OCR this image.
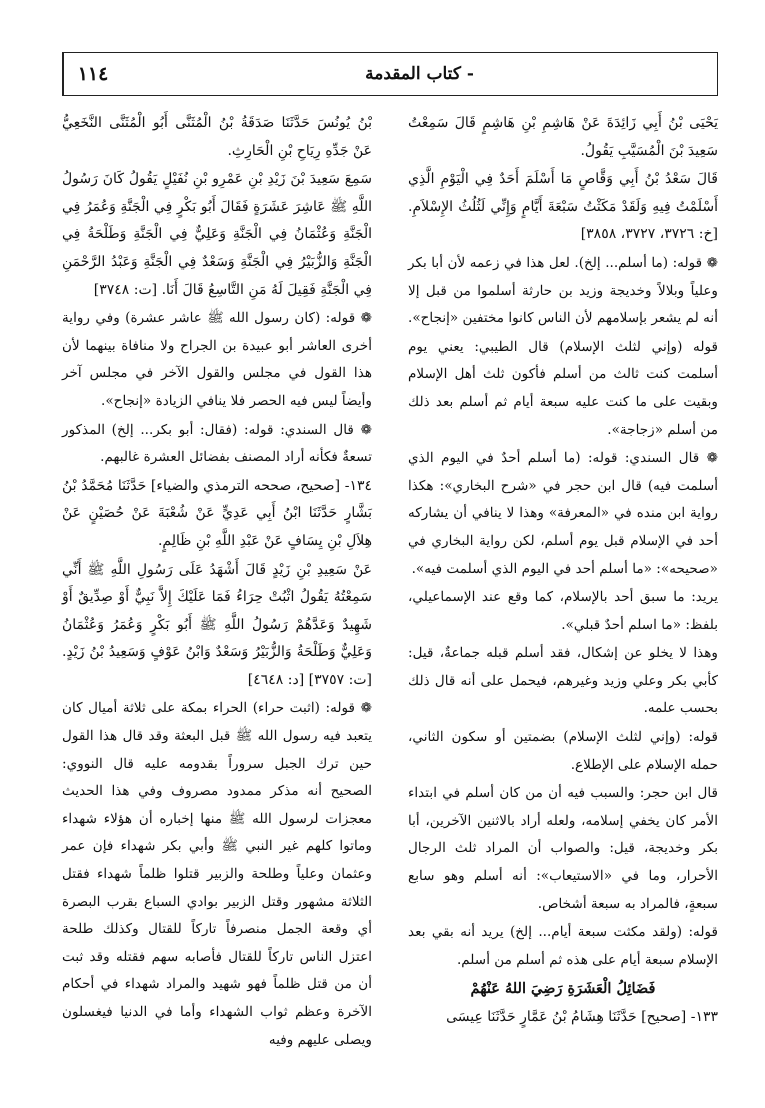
١١٤	- كتاب المقدمة

يَحْيَى بْنُ أَبِي زَائِدَةَ عَنْ هَاشِمِ بْنِ هَاشِمٍ قَالَ سَمِعْتُ سَعِيدَ بْنَ الْمُسَيَّبِ يَقُولُ.

قَالَ سَعْدُ بْنُ أَبِي وَقَّاصٍ مَا أَسْلَمَ أَحَدٌ فِي الْيَوْمِ الَّذِي أَسْلَمْتُ فِيهِ وَلَقَدْ مَكَثْتُ سَبْعَةَ أَيَّامٍ وَإِنِّي لَثُلُثُ الإِسْلاَمِ. [خ: ٣٧٢٦، ٣٧٢٧، ٣٨٥٨]

❁ قوله: (ما أسلم... إلخ). لعل هذا في زعمه لأن أبا بكر وعلياً وبلالاً وخديجة وزيد بن حارثة أسلموا من قبل إلا أنه لم يشعر بإسلامهم لأن الناس كانوا مختفين «إنجاح».

قوله (وإني لثلث الإسلام) قال الطيبي: يعني يوم أسلمت كنت ثالث من أسلم فأكون ثلث أهل الإسلام وبقيت على ما كنت عليه سبعة أيام ثم أسلم بعد ذلك من أسلم «زجاجة».

❁ قال السندي: قوله: (ما أسلم أحدٌ في اليوم الذي أسلمت فيه) قال ابن حجر في «شرح البخاري»: هكذا رواية ابن منده في «المعرفة» وهذا لا ينافي أن يشاركه أحد في الإسلام قبل يوم أسلم، لكن رواية البخاري في «صحيحه»: «ما أسلم أحد في اليوم الذي أسلمت فيه».

يريد: ما سبق أحد بالإسلام، كما وقع عند الإسماعيلي، بلفظ: «ما اسلم أحدٌ قبلي».

وهذا لا يخلو عن إشكال، فقد أسلم قبله جماعةٌ، قيل: كأبي بكر وعلي وزيد وغيرهم، فيحمل على أنه قال ذلك بحسب علمه.

قوله: (وإني لثلث الإسلام) بضمتين أو سكون الثاني، حمله الإسلام على الإطلاع.

قال ابن حجر: والسبب فيه أن من كان أسلم في ابتداء الأمر كان يخفي إسلامه، ولعله أراد بالاثنين الآخرين، أبا بكر وخديجة، قيل: والصواب أن المراد ثلث الرجال الأحرار، وما في «الاستيعاب»: أنه أسلم وهو سابع سبعةٍ، فالمراد به سبعة أشخاص.

قوله: (ولقد مكثت سبعة أيام... إلخ) يريد أنه بقي بعد الإسلام سبعة أيام على هذه ثم أسلم من أسلم.

فَضَائِلُ الْعَشَرَةِ رَضِيَ اللهُ عَنْهُمْ

١٣٣- [صحيح] حَدَّثَنَا هِشَامُ بْنُ عَمَّارٍ حَدَّثَنَا عِيسَى

بْنُ يُونُسَ حَدَّثَنَا صَدَقَةُ بْنُ الْمُثَنَّى أَبُو الْمُثَنَّى النَّخَعِيُّ عَنْ جَدِّهِ رِيَاحِ بْنِ الْحَارِثِ.

سَمِعَ سَعِيدَ بْنَ زَيْدِ بْنِ عَمْرِو بْنِ نُفَيْلٍ يَقُولُ كَانَ رَسُولُ اللَّهِ ﷺ عَاشِرَ عَشَرَةٍ فَقَالَ أَبُو بَكْرٍ فِي الْجَنَّةِ وَعُمَرُ فِي الْجَنَّةِ وَعُثْمَانُ فِي الْجَنَّةِ وَعَلِيٌّ فِي الْجَنَّةِ وَطَلْحَةُ فِي الْجَنَّةِ وَالزُّبَيْرُ فِي الْجَنَّةِ وَسَعْدٌ فِي الْجَنَّةِ وَعَبْدُ الرَّحْمَنِ فِي الْجَنَّةِ فَقِيلَ لَهُ مَنِ التَّاسِعُ قَالَ أَنَا. [ت: ٣٧٤٨]

❁ قوله: (كان رسول الله ﷺ عاشر عشرة) وفي رواية أخرى العاشر أبو عبيدة بن الجراح ولا منافاة بينهما لأن هذا القول في مجلس والقول الآخر في مجلس آخر وأيضاً ليس فيه الحصر فلا ينافي الزيادة «إنجاح».

❁ قال السندي: قوله: (فقال: أبو بكر... إلخ) المذكور تسعةٌ فكأنه أراد المصنف بفضائل العشرة غالبهم.

١٣٤- [صحيح، صححه الترمذي والضياء] حَدَّثَنَا مُحَمَّدُ بْنُ بَشَّارٍ حَدَّثَنَا ابْنُ أَبِي عَدِيٍّ عَنْ شُعْبَةَ عَنْ حُصَيْنٍ عَنْ هِلاَلِ بْنِ يِسَافٍ عَنْ عَبْدِ اللَّهِ بْنِ ظَالِمٍ.

عَنْ سَعِيدِ بْنِ زَيْدٍ قَالَ أَشْهَدُ عَلَى رَسُولِ اللَّهِ ﷺ أَنِّي سَمِعْتُهُ يَقُولُ اثْبُتْ حِرَاءُ فَمَا عَلَيْكَ إِلاَّ نَبِيٌّ أَوْ صِدِّيقٌ أَوْ شَهِيدٌ وَعَدَّهُمْ رَسُولُ اللَّهِ ﷺ أَبُو بَكْرٍ وَعُمَرُ وَعُثْمَانُ وَعَلِيٌّ وَطَلْحَةُ وَالزُّبَيْرُ وَسَعْدٌ وَابْنُ عَوْفٍ وَسَعِيدُ بْنُ زَيْدٍ. [ت: ٣٧٥٧] [د: ٤٦٤٨]

❁ قوله: (اثبت حراء) الحراء بمكة على ثلاثة أميال كان يتعبد فيه رسول الله ﷺ قبل البعثة وقد قال هذا القول حين ترك الجبل سروراً بقدومه عليه قال النووي: الصحيح أنه مذكر ممدود مصروف وفي هذا الحديث معجزات لرسول الله ﷺ منها إخباره أن هؤلاء شهداء وماتوا كلهم غير النبي ﷺ وأبي بكر شهداء فإن عمر وعثمان وعلياً وطلحة والزبير قتلوا ظلماً شهداء فقتل الثلاثة مشهور وقتل الزبير بوادي السباع بقرب البصرة أي وقعة الجمل منصرفاً تاركاً للقتال وكذلك طلحة اعتزل الناس تاركاً للقتال فأصابه سهم فقتله وقد ثبت أن من قتل ظلماً فهو شهيد والمراد شهداء في أحكام الآخرة وعظم ثواب الشهداء وأما في الدنيا فيغسلون ويصلى عليهم وفيه
